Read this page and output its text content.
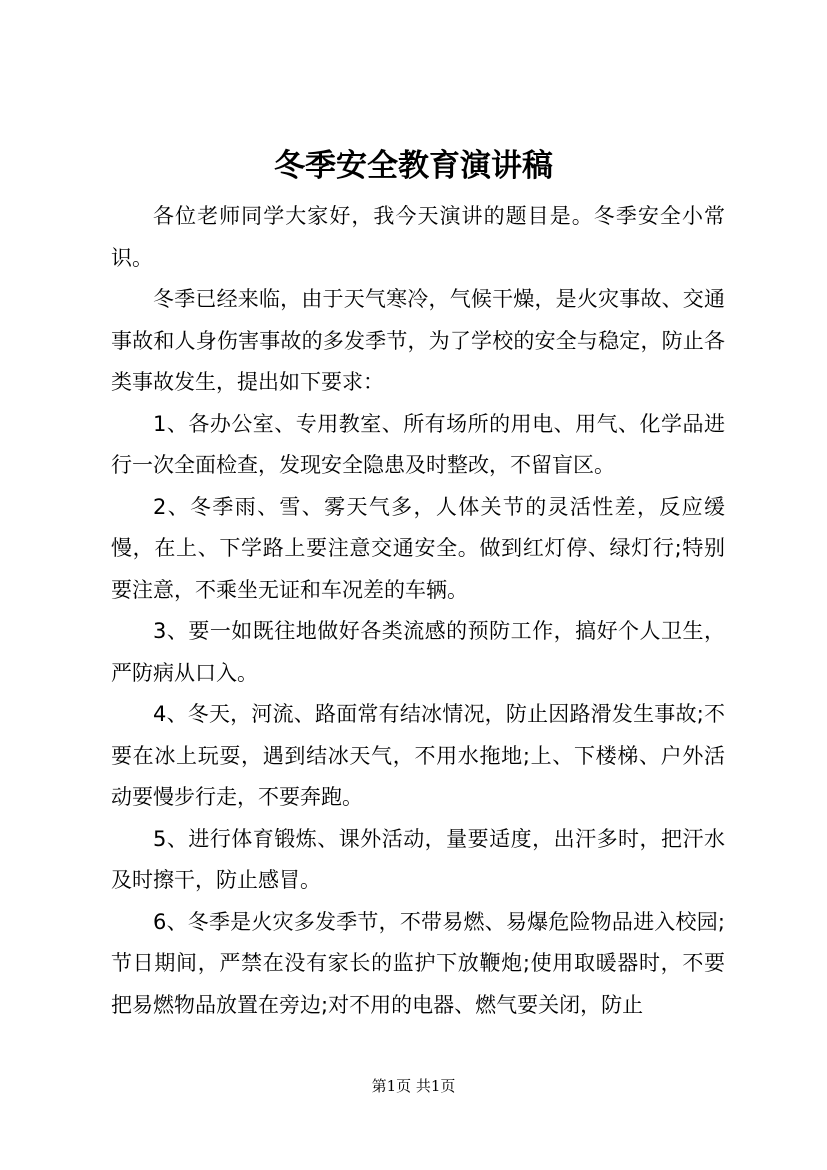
冬季安全教育演讲稿

各位老师同学大家好，我今天演讲的题目是。冬季安全小常识。

冬季已经来临，由于天气寒冷，气候干燥，是火灾事故、交通事故和人身伤害事故的多发季节，为了学校的安全与稳定，防止各类事故发生，提出如下要求：

1、各办公室、专用教室、所有场所的用电、用气、化学品进行一次全面检查，发现安全隐患及时整改，不留盲区。

2、冬季雨、雪、雾天气多，人体关节的灵活性差，反应缓慢，在上、下学路上要注意交通安全。做到红灯停、绿灯行;特别要注意，不乘坐无证和车况差的车辆。

3、要一如既往地做好各类流感的预防工作，搞好个人卫生，严防病从口入。

4、冬天，河流、路面常有结冰情况，防止因路滑发生事故;不要在冰上玩耍，遇到结冰天气，不用水拖地;上、下楼梯、户外活动要慢步行走，不要奔跑。

5、进行体育锻炼、课外活动，量要适度，出汗多时，把汗水及时擦干，防止感冒。

6、冬季是火灾多发季节，不带易燃、易爆危险物品进入校园;节日期间，严禁在没有家长的监护下放鞭炮;使用取暖器时，不要把易燃物品放置在旁边;对不用的电器、燃气要关闭，防止

第1页 共1页
